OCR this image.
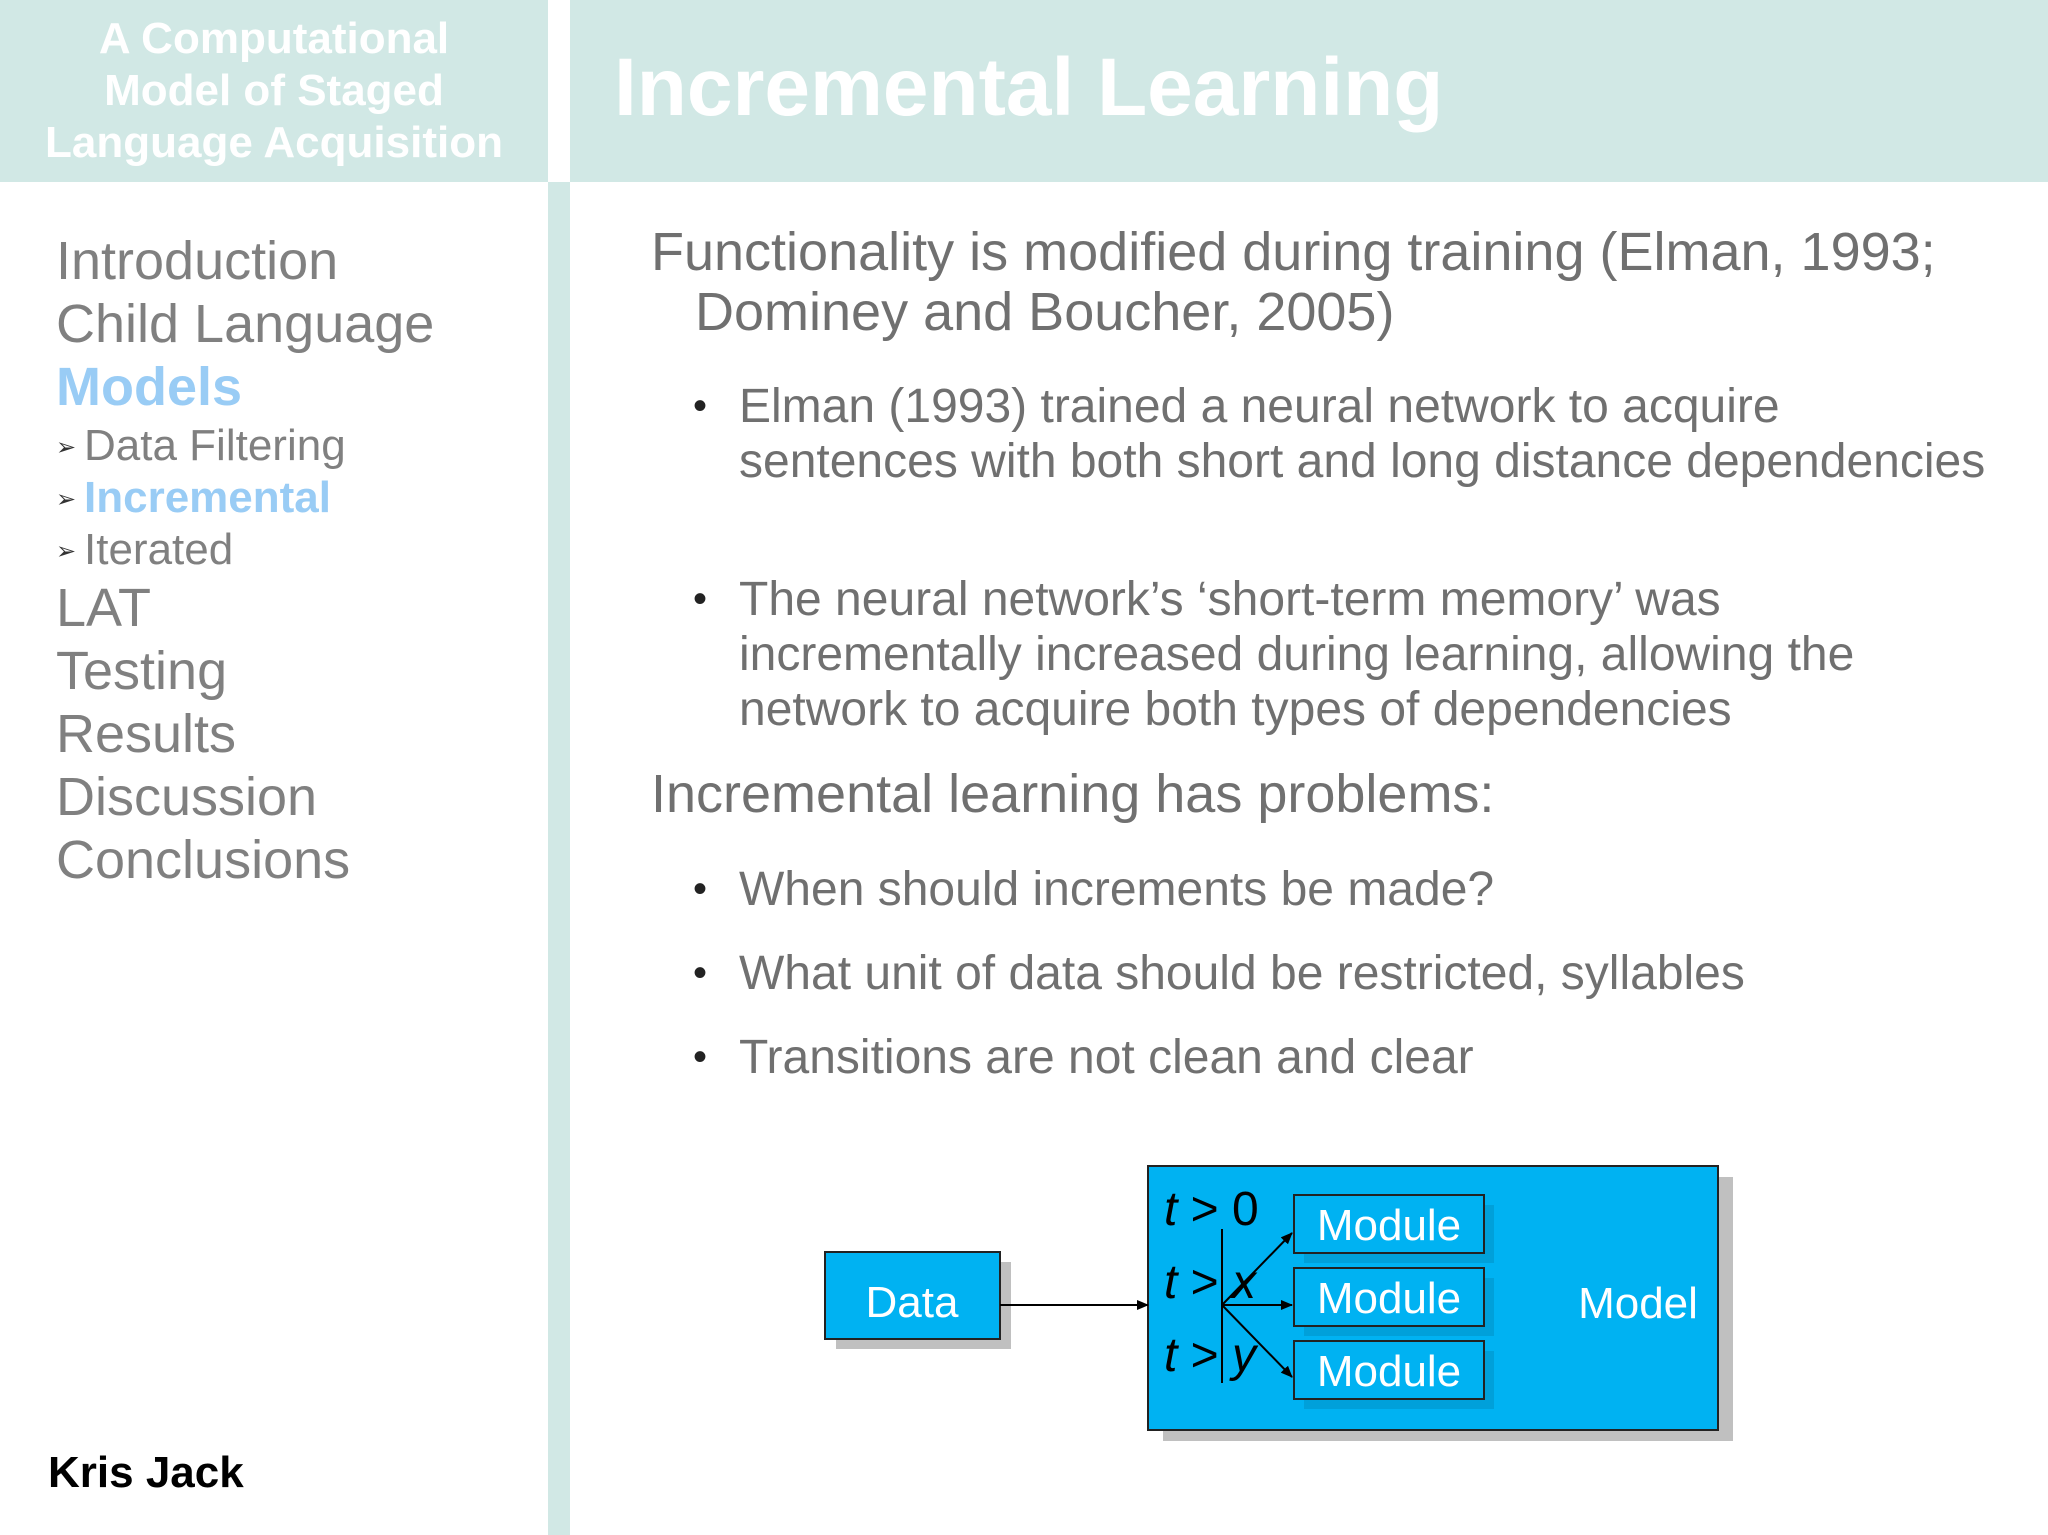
A Computational
Model of Staged
Language Acquisition
Incremental Learning
Introduction
Child Language
Models
➢ Data Filtering
➢ Incremental
➢ Iterated
LAT
Testing
Results
Discussion
Conclusions
Kris Jack
Functionality is modified during training (Elman, 1993; Dominey and Boucher, 2005)
• Elman (1993) trained a neural network to acquire sentences with both short and long distance dependencies
• The neural network’s ‘short-term memory’ was incrementally increased during learning, allowing the network to acquire both types of dependencies
Incremental learning has problems:
• When should increments be made?
• What unit of data should be restricted, syllables
• Transitions are not clean and clear
Data	Model
Module
Module
Module
t > 0
t > x
t > y
